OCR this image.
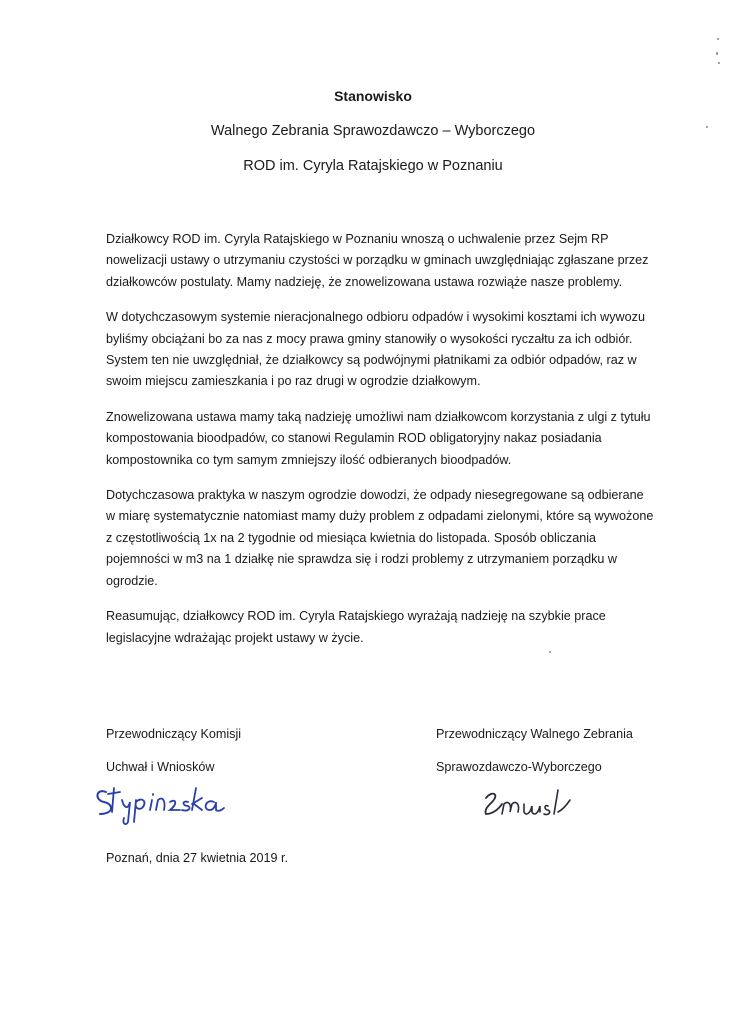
Stanowisko
Walnego Zebrania Sprawozdawczo – Wyborczego
ROD im. Cyryla Ratajskiego w Poznaniu

Działkowcy ROD im. Cyryla Ratajskiego w Poznaniu wnoszą o uchwalenie przez Sejm RP nowelizacji ustawy o utrzymaniu czystości w porządku w gminach uwzględniając zgłaszane przez działkowców postulaty. Mamy nadzieję, że znowelizowana ustawa rozwiąże nasze problemy.

W dotychczasowym systemie nieracjonalnego odbioru odpadów i wysokimi kosztami ich wywozu byliśmy obciążani bo za nas z mocy prawa gminy stanowiły o wysokości ryczałtu za ich odbiór. System ten nie uwzględniał, że działkowcy są podwójnymi płatnikami za odbiór odpadów, raz w swoim miejscu zamieszkania i po raz drugi w ogrodzie działkowym.

Znowelizowana ustawa mamy taką nadzieję umożliwi nam działkowcom korzystania z ulgi z tytułu kompostowania bioodpadów, co stanowi Regulamin ROD obligatoryjny nakaz posiadania kompostownika co tym samym zmniejszy ilość odbieranych bioodpadów.

Dotychczasowa praktyka w naszym ogrodzie dowodzi, że odpady niesegregowane są odbierane w miarę systematycznie natomiast mamy duży problem z odpadami zielonymi, które są wywożone z częstotliwością 1x na 2 tygodnie od miesiąca kwietnia do listopada. Sposób obliczania pojemności w m3 na 1 działkę nie sprawdza się i rodzi problemy z utrzymaniem porządku w ogrodzie.

Reasumując, działkowcy ROD im. Cyryla Ratajskiego wyrażają nadzieję na szybkie prace legislacyjne wdrażając projekt ustawy w życie.

Przewodniczący Komisji
Uchwał i Wniosków
Przewodniczący Walnego Zebrania
Sprawozdawczo-Wyborczego
Poznań, dnia 27 kwietnia 2019 r.
